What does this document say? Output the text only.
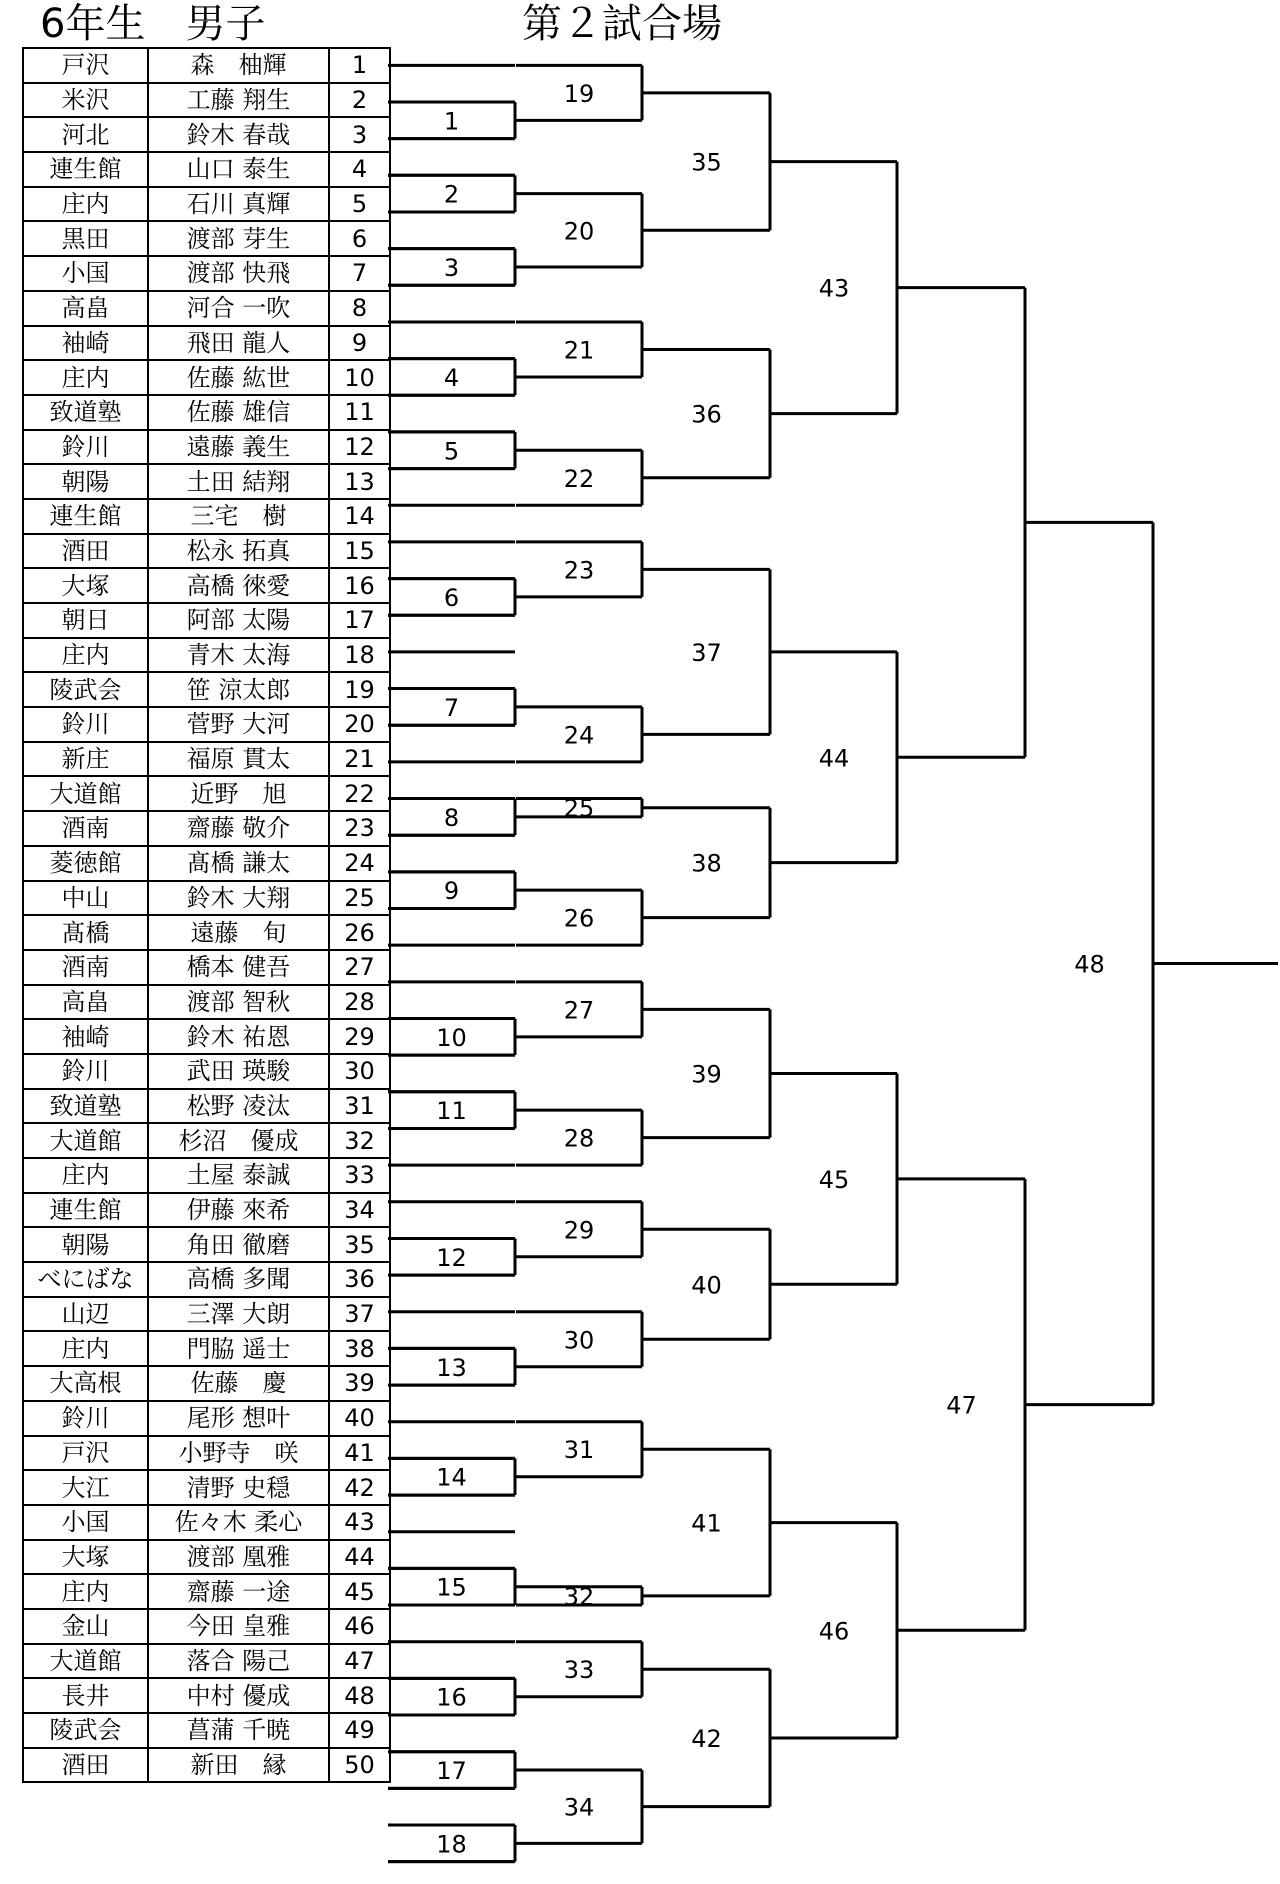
6年生　男子	第２試合場
戸沢	森　柚輝	1
米沢	工藤 翔生	2
河北	鈴木 春哉	3
連生館	山口 泰生	4
庄内	石川 真輝	5
黒田	渡部 芽生	6
小国	渡部 快飛	7
高畠	河合 一吹	8
袖崎	飛田 龍人	9
庄内	佐藤 紘世	10
致道塾	佐藤 雄信	11
鈴川	遠藤 義生	12
朝陽	土田 結翔	13
連生館	三宅　樹	14
酒田	松永 拓真	15
大塚	高橋 徠愛	16
朝日	阿部 太陽	17
庄内	青木 太海	18
陵武会	笹 涼太郎	19
鈴川	菅野 大河	20
新庄	福原 貫太	21
大道館	近野　旭	22
酒南	齋藤 敬介	23
菱徳館	髙橋 謙太	24
中山	鈴木 大翔	25
髙橋	遠藤　旬	26
酒南	橋本 健吾	27
高畠	渡部 智秋	28
袖崎	鈴木 祐恩	29
鈴川	武田 瑛駿	30
致道塾	松野 凌汰	31
大道館	杉沼　優成	32
庄内	土屋 泰誠	33
連生館	伊藤 來希	34
朝陽	角田 徹磨	35
べにばな	高橋 多聞	36
山辺	三澤 大朗	37
庄内	門脇 遥士	38
大高根	佐藤　慶	39
鈴川	尾形 想叶	40
戸沢	小野寺　咲	41
大江	清野 史穏	42
小国	佐々木 柔心	43
大塚	渡部 凰雅	44
庄内	齋藤 一途	45
金山	今田 皇雅	46
大道館	落合 陽己	47
長井	中村 優成	48
陵武会	菖蒲 千暁	49
酒田	新田　縁	50
1
2
3
4
5
6
7
8
9
10
11
12
13
14
15
16
17
18
19
20
21
22
23
24
25
26
27
28
29
30
31
32
33
34
35
36
37
38
39
40
41
42
43
44
45
46
47
48
